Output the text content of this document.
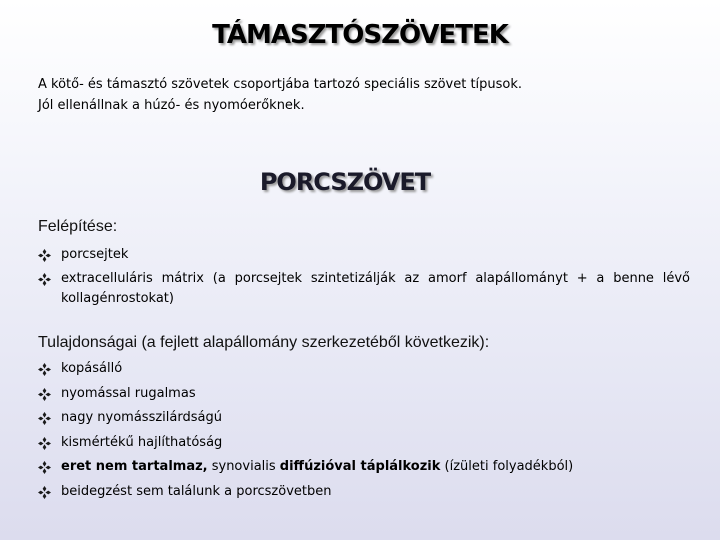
TÁMASZTÓSZÖVETEK

A kötő- és támasztó szövetek csoportjába tartozó speciális szövet típusok.

Jól ellenállnak a húzó- és nyomóerőknek.

PORCSZÖVET
Felépítése:
porcsejtek
extracelluláris mátrix (a porcsejtek szintetizálják az amorf alapállományt + a benne lévő kollagénrostokat)
Tulajdonságai (a fejlett alapállomány szerkezetéből következik):
kopásálló
nyomással rugalmas
nagy nyomásszilárdságú
kismértékű hajlíthatóság
eret nem tartalmaz, synovialis diffúzióval táplálkozik (ízületi folyadékból)
beidegzést sem találunk a porcszövetben
